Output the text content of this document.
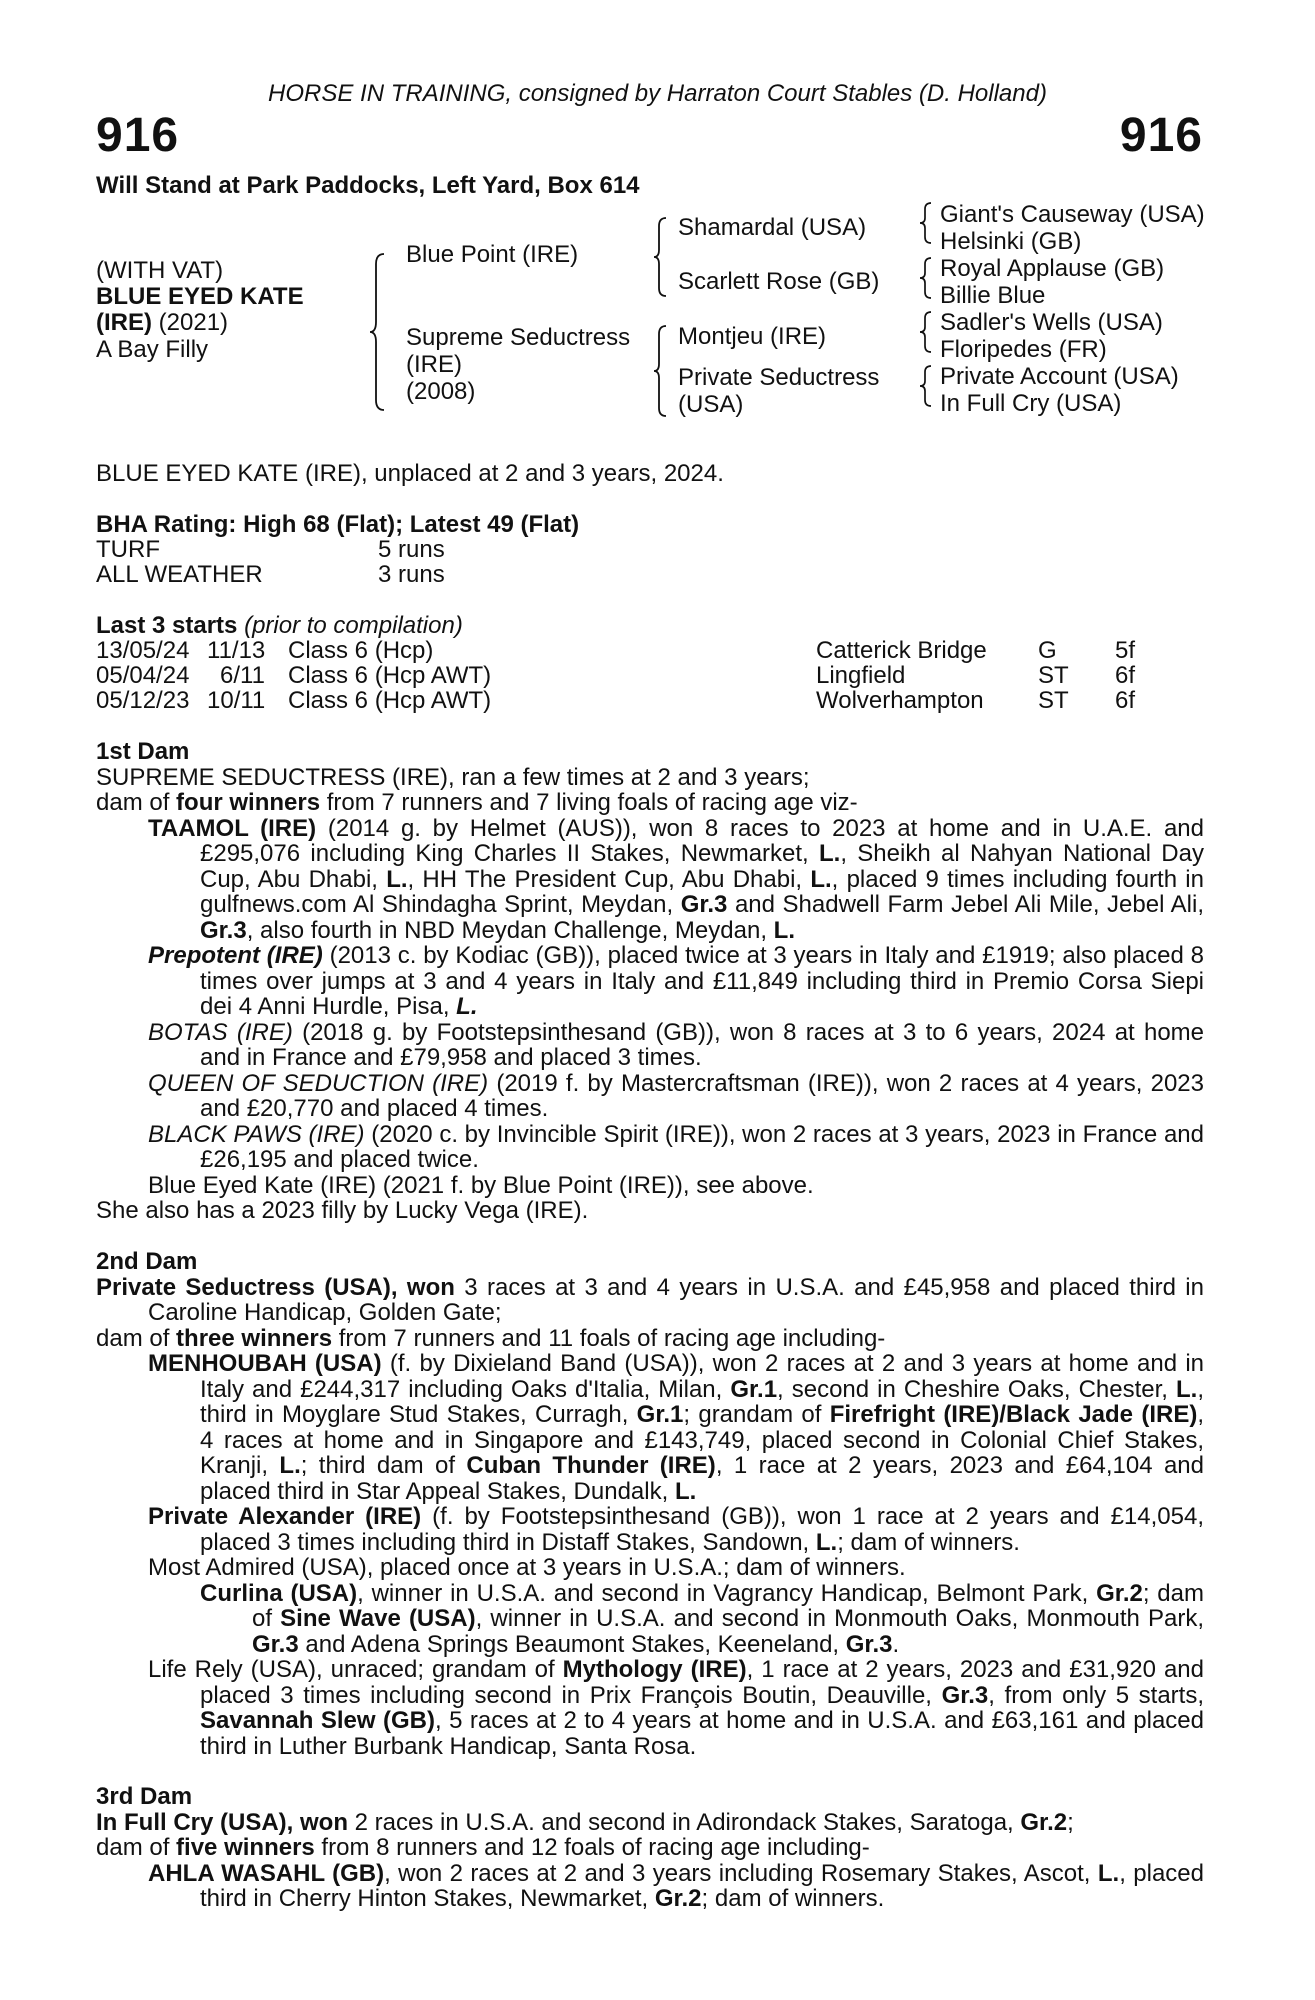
HORSE IN TRAINING, consigned by Harraton Court Stables (D. Holland)
916	916
Will Stand at Park Paddocks, Left Yard, Box 614
(WITH VAT)
BLUE EYED KATE
(IRE) (2021)
A Bay Filly
Blue Point (IRE)
Supreme Seductress
(IRE)
(2008)
Shamardal (USA)
Scarlett Rose (GB)
Montjeu (IRE)
Private Seductress
(USA)
Giant's Causeway (USA)
Helsinki (GB)
Royal Applause (GB)
Billie Blue
Sadler's Wells (USA)
Floripedes (FR)
Private Account (USA)
In Full Cry (USA)
BLUE EYED KATE (IRE), unplaced at 2 and 3 years, 2024.
BHA Rating: High 68 (Flat); Latest 49 (Flat)
TURF	5 runs
ALL WEATHER	3 runs
Last 3 starts (prior to compilation)
13/05/24 11/13 Class 6 (Hcp)	Catterick Bridge G 5f
05/04/24 6/11 Class 6 (Hcp AWT)	Lingfield	ST 6f
05/12/23 10/11 Class 6 (Hcp AWT)	Wolverhampton ST 6f
1st Dam
SUPREME SEDUCTRESS (IRE), ran a few times at 2 and 3 years;
dam of four winners from 7 runners and 7 living foals of racing age viz-
TAAMOL (IRE) (2014 g. by Helmet (AUS)), won 8 races to 2023 at home and in U.A.E. and £295,076 including King Charles II Stakes, Newmarket, L., Sheikh al Nahyan National Day Cup, Abu Dhabi, L., HH The President Cup, Abu Dhabi, L., placed 9 times including fourth in gulfnews.com Al Shindagha Sprint, Meydan, Gr.3 and Shadwell Farm Jebel Ali Mile, Jebel Ali, Gr.3, also fourth in NBD Meydan Challenge, Meydan, L.
Prepotent (IRE) (2013 c. by Kodiac (GB)), placed twice at 3 years in Italy and £1919; also placed 8 times over jumps at 3 and 4 years in Italy and £11,849 including third in Premio Corsa Siepi dei 4 Anni Hurdle, Pisa, L.
BOTAS (IRE) (2018 g. by Footstepsinthesand (GB)), won 8 races at 3 to 6 years, 2024 at home and in France and £79,958 and placed 3 times.
QUEEN OF SEDUCTION (IRE) (2019 f. by Mastercraftsman (IRE)), won 2 races at 4 years, 2023 and £20,770 and placed 4 times.
BLACK PAWS (IRE) (2020 c. by Invincible Spirit (IRE)), won 2 races at 3 years, 2023 in France and £26,195 and placed twice.
Blue Eyed Kate (IRE) (2021 f. by Blue Point (IRE)), see above.
She also has a 2023 filly by Lucky Vega (IRE).
2nd Dam
Private Seductress (USA), won 3 races at 3 and 4 years in U.S.A. and £45,958 and placed third in Caroline Handicap, Golden Gate;
dam of three winners from 7 runners and 11 foals of racing age including-
MENHOUBAH (USA) (f. by Dixieland Band (USA)), won 2 races at 2 and 3 years at home and in Italy and £244,317 including Oaks d'Italia, Milan, Gr.1, second in Cheshire Oaks, Chester, L., third in Moyglare Stud Stakes, Curragh, Gr.1; grandam of Firefright (IRE)/Black Jade (IRE), 4 races at home and in Singapore and £143,749, placed second in Colonial Chief Stakes, Kranji, L.; third dam of Cuban Thunder (IRE), 1 race at 2 years, 2023 and £64,104 and placed third in Star Appeal Stakes, Dundalk, L.
Private Alexander (IRE) (f. by Footstepsinthesand (GB)), won 1 race at 2 years and £14,054, placed 3 times including third in Distaff Stakes, Sandown, L.; dam of winners.
Most Admired (USA), placed once at 3 years in U.S.A.; dam of winners.
Curlina (USA), winner in U.S.A. and second in Vagrancy Handicap, Belmont Park, Gr.2; dam of Sine Wave (USA), winner in U.S.A. and second in Monmouth Oaks, Monmouth Park, Gr.3 and Adena Springs Beaumont Stakes, Keeneland, Gr.3.
Life Rely (USA), unraced; grandam of Mythology (IRE), 1 race at 2 years, 2023 and £31,920 and placed 3 times including second in Prix François Boutin, Deauville, Gr.3, from only 5 starts, Savannah Slew (GB), 5 races at 2 to 4 years at home and in U.S.A. and £63,161 and placed third in Luther Burbank Handicap, Santa Rosa.
3rd Dam
In Full Cry (USA), won 2 races in U.S.A. and second in Adirondack Stakes, Saratoga, Gr.2;
dam of five winners from 8 runners and 12 foals of racing age including-
AHLA WASAHL (GB), won 2 races at 2 and 3 years including Rosemary Stakes, Ascot, L., placed third in Cherry Hinton Stakes, Newmarket, Gr.2; dam of winners.
